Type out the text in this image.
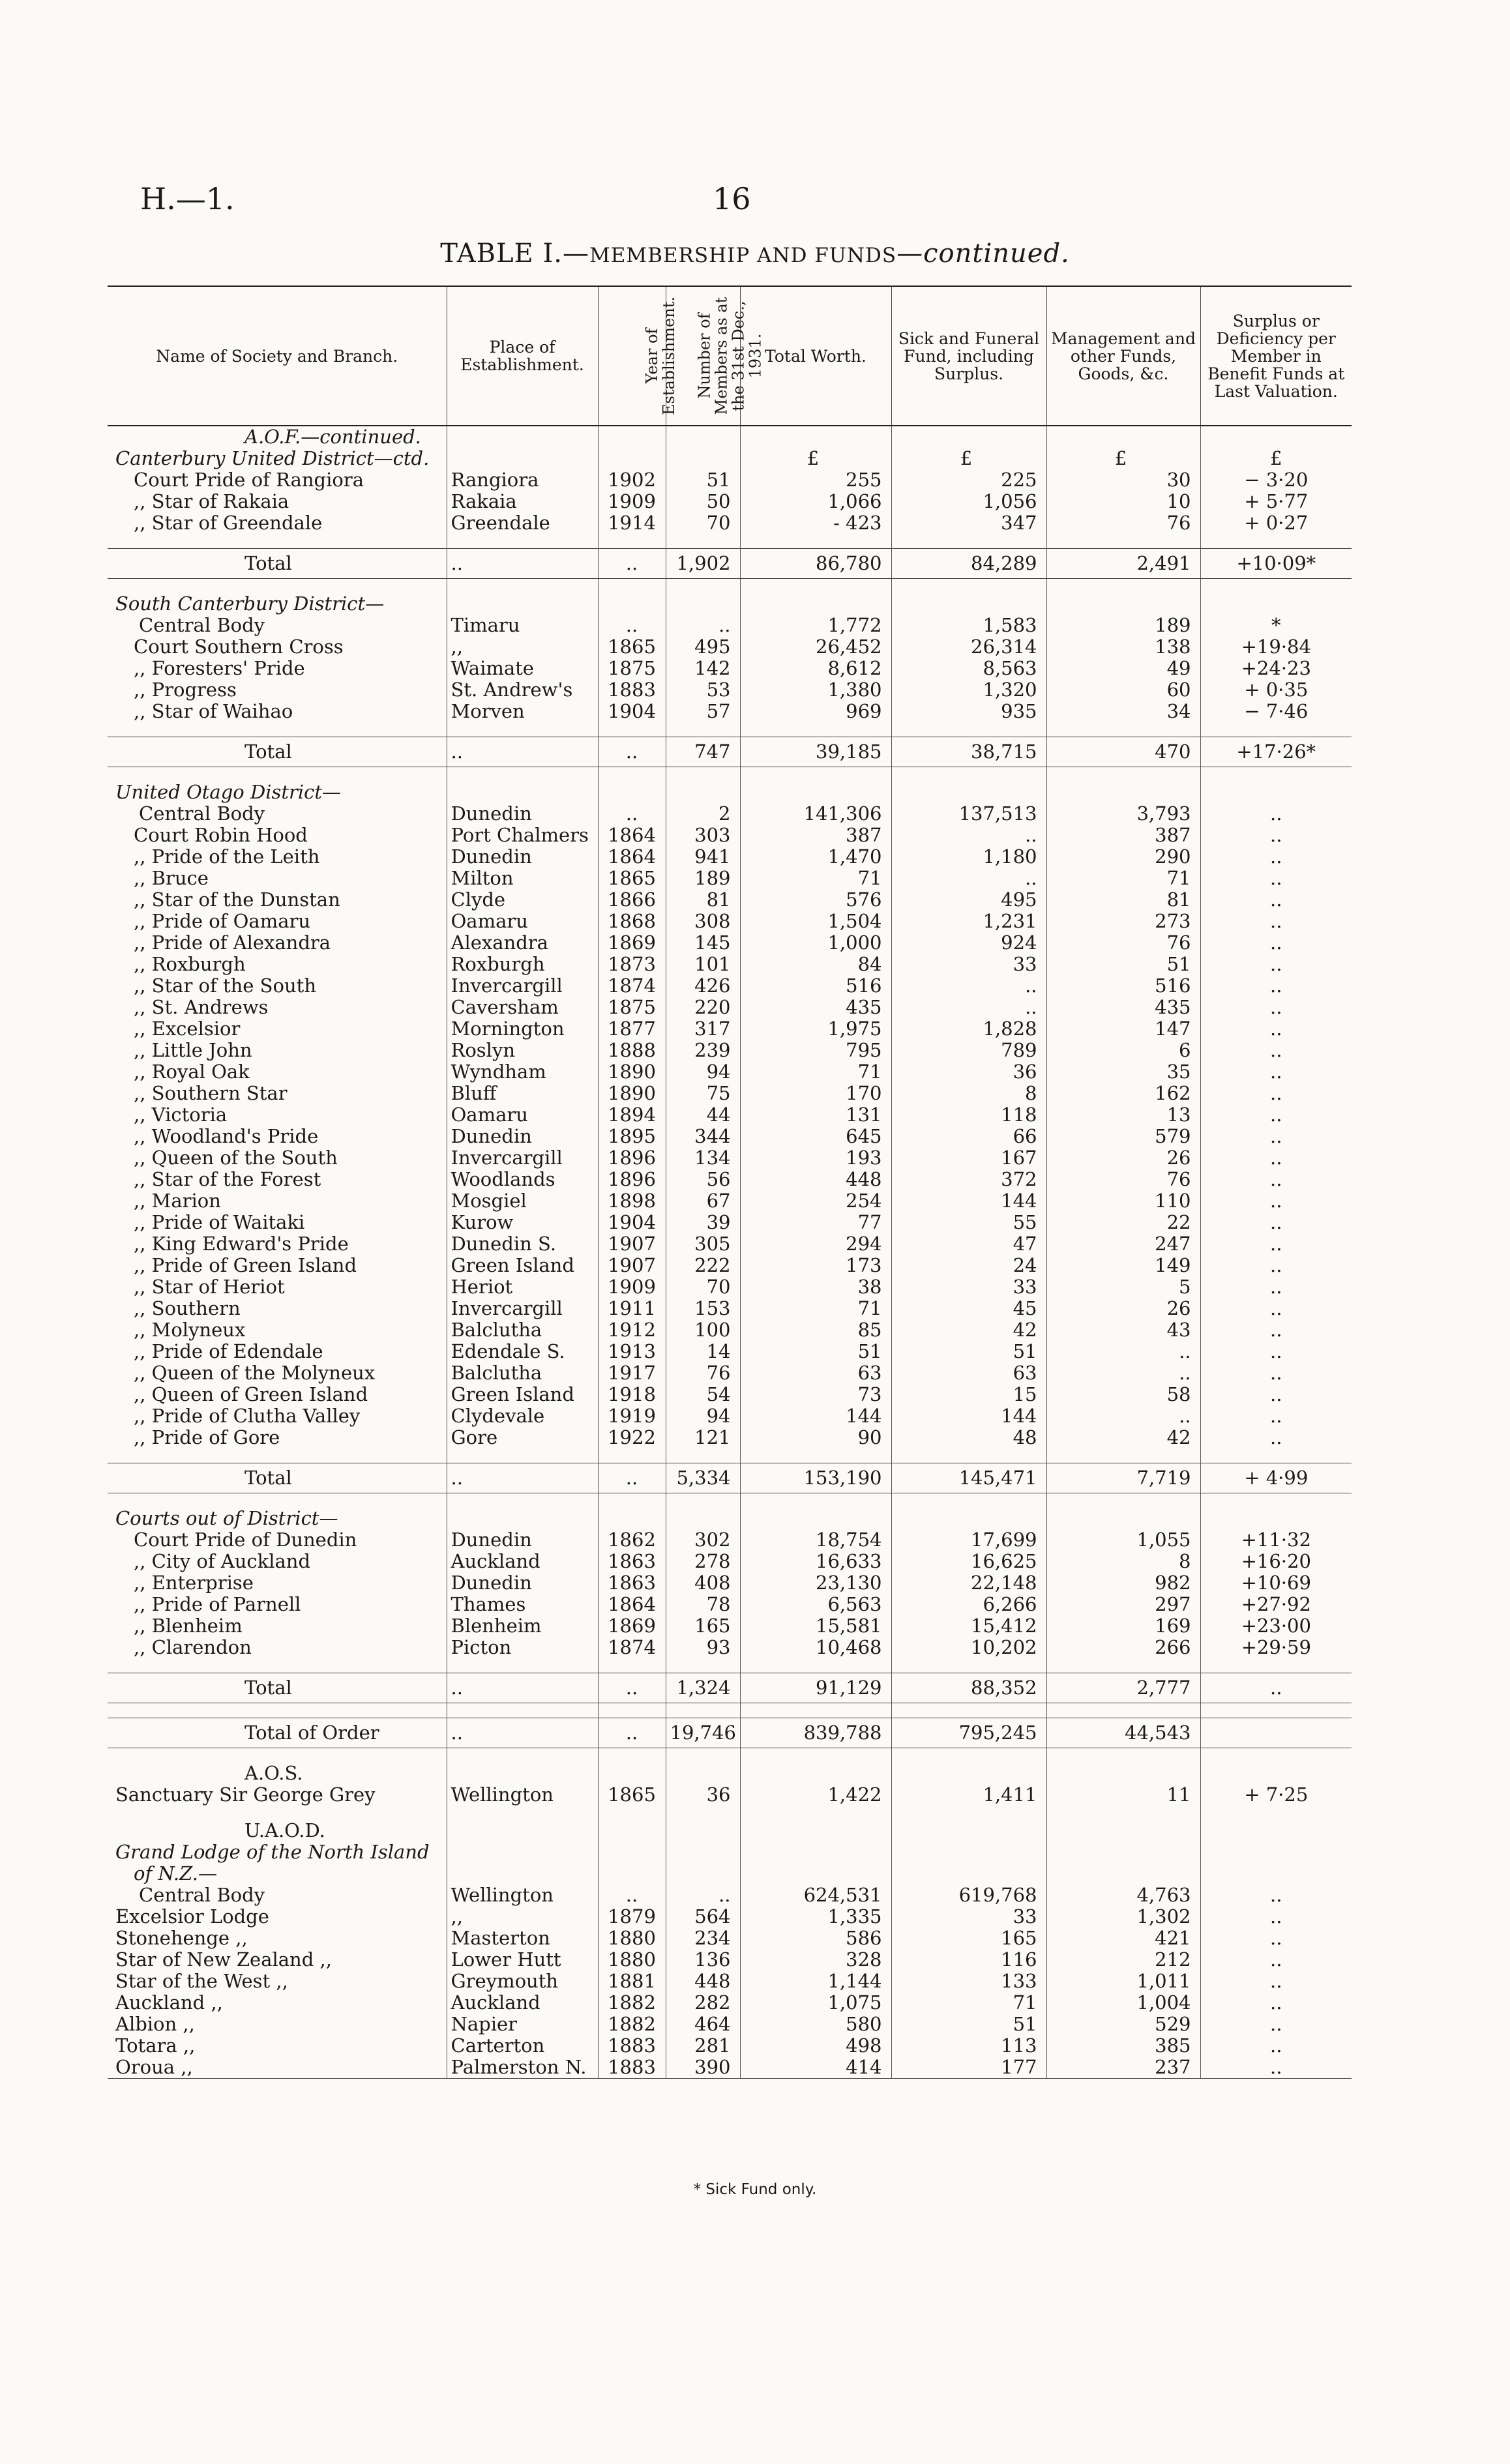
H.—1.	16
TABLE I.—MEMBERSHIP AND FUNDS—continued.
Name of Society and Branch.	Place of Establishment.	Year of Establishment.	Number of Members as at the 31st Dec., 1931.	Total Worth.	Sick and Funeral Fund, including Surplus.	Management and other Funds, Goods, &c.	Surplus or Deficiency per Member in Benefit Funds at Last Valuation.
A.O.F.—continued.							
Canterbury United District—ctd.				£	£	£	£
Court Pride of Rangiora	Rangiora	1902	51	255	225	30	− 3·20
,, Star of Rakaia	Rakaia	1909	50	1,066	1,056	10	+ 5·77
,, Star of Greendale	Greendale	1914	70	- 423	347	76	+ 0·27

Total	..	..	1,902	86,780	84,289	2,491	+10·09*

South Canterbury District—							
Central Body	Timaru	..	..	1,772	1,583	189	*
Court Southern Cross	,,	1865	495	26,452	26,314	138	+19·84
,, Foresters' Pride	Waimate	1875	142	8,612	8,563	49	+24·23
,, Progress	St. Andrew's	1883	53	1,380	1,320	60	+ 0·35
,, Star of Waihao	Morven	1904	57	969	935	34	− 7·46

Total	..	..	747	39,185	38,715	470	+17·26*

United Otago District—							
Central Body	Dunedin	..	2	141,306	137,513	3,793	..
Court Robin Hood	Port Chalmers	1864	303	387	..	387	..
,, Pride of the Leith	Dunedin	1864	941	1,470	1,180	290	..
,, Bruce	Milton	1865	189	71	..	71	..
,, Star of the Dunstan	Clyde	1866	81	576	495	81	..
,, Pride of Oamaru	Oamaru	1868	308	1,504	1,231	273	..
,, Pride of Alexandra	Alexandra	1869	145	1,000	924	76	..
,, Roxburgh	Roxburgh	1873	101	84	33	51	..
,, Star of the South	Invercargill	1874	426	516	..	516	..
,, St. Andrews	Caversham	1875	220	435	..	435	..
,, Excelsior	Mornington	1877	317	1,975	1,828	147	..
,, Little John	Roslyn	1888	239	795	789	6	..
,, Royal Oak	Wyndham	1890	94	71	36	35	..
,, Southern Star	Bluff	1890	75	170	8	162	..
,, Victoria	Oamaru	1894	44	131	118	13	..
,, Woodland's Pride	Dunedin	1895	344	645	66	579	..
,, Queen of the South	Invercargill	1896	134	193	167	26	..
,, Star of the Forest	Woodlands	1896	56	448	372	76	..
,, Marion	Mosgiel	1898	67	254	144	110	..
,, Pride of Waitaki	Kurow	1904	39	77	55	22	..
,, King Edward's Pride	Dunedin S.	1907	305	294	47	247	..
,, Pride of Green Island	Green Island	1907	222	173	24	149	..
,, Star of Heriot	Heriot	1909	70	38	33	5	..
,, Southern	Invercargill	1911	153	71	45	26	..
,, Molyneux	Balclutha	1912	100	85	42	43	..
,, Pride of Edendale	Edendale S.	1913	14	51	51	..	..
,, Queen of the Molyneux	Balclutha	1917	76	63	63	..	..
,, Queen of Green Island	Green Island	1918	54	73	15	58	..
,, Pride of Clutha Valley	Clydevale	1919	94	144	144	..	..
,, Pride of Gore	Gore	1922	121	90	48	42	..

Total	..	..	5,334	153,190	145,471	7,719	+ 4·99

Courts out of District—							
Court Pride of Dunedin	Dunedin	1862	302	18,754	17,699	1,055	+11·32
,, City of Auckland	Auckland	1863	278	16,633	16,625	8	+16·20
,, Enterprise	Dunedin	1863	408	23,130	22,148	982	+10·69
,, Pride of Parnell	Thames	1864	78	6,563	6,266	297	+27·92
,, Blenheim	Blenheim	1869	165	15,581	15,412	169	+23·00
,, Clarendon	Picton	1874	93	10,468	10,202	266	+29·59

Total	..	..	1,324	91,129	88,352	2,777	..

Total of Order	..	..	19,746	839,788	795,245	44,543	

A.O.S.							
Sanctuary Sir George Grey	Wellington	1865	36	1,422	1,411	11	+ 7·25

U.A.O.D.							
Grand Lodge of the North Island							
of N.Z.—							
Central Body	Wellington	..	..	624,531	619,768	4,763	..
Excelsior Lodge	,,	1879	564	1,335	33	1,302	..
Stonehenge ,,	Masterton	1880	234	586	165	421	..
Star of New Zealand ,,	Lower Hutt	1880	136	328	116	212	..
Star of the West ,,	Greymouth	1881	448	1,144	133	1,011	..
Auckland ,,	Auckland	1882	282	1,075	71	1,004	..
Albion ,,	Napier	1882	464	580	51	529	..
Totara ,,	Carterton	1883	281	498	113	385	..
Oroua ,,	Palmerston N.	1883	390	414	177	237	..
* Sick Fund only.
